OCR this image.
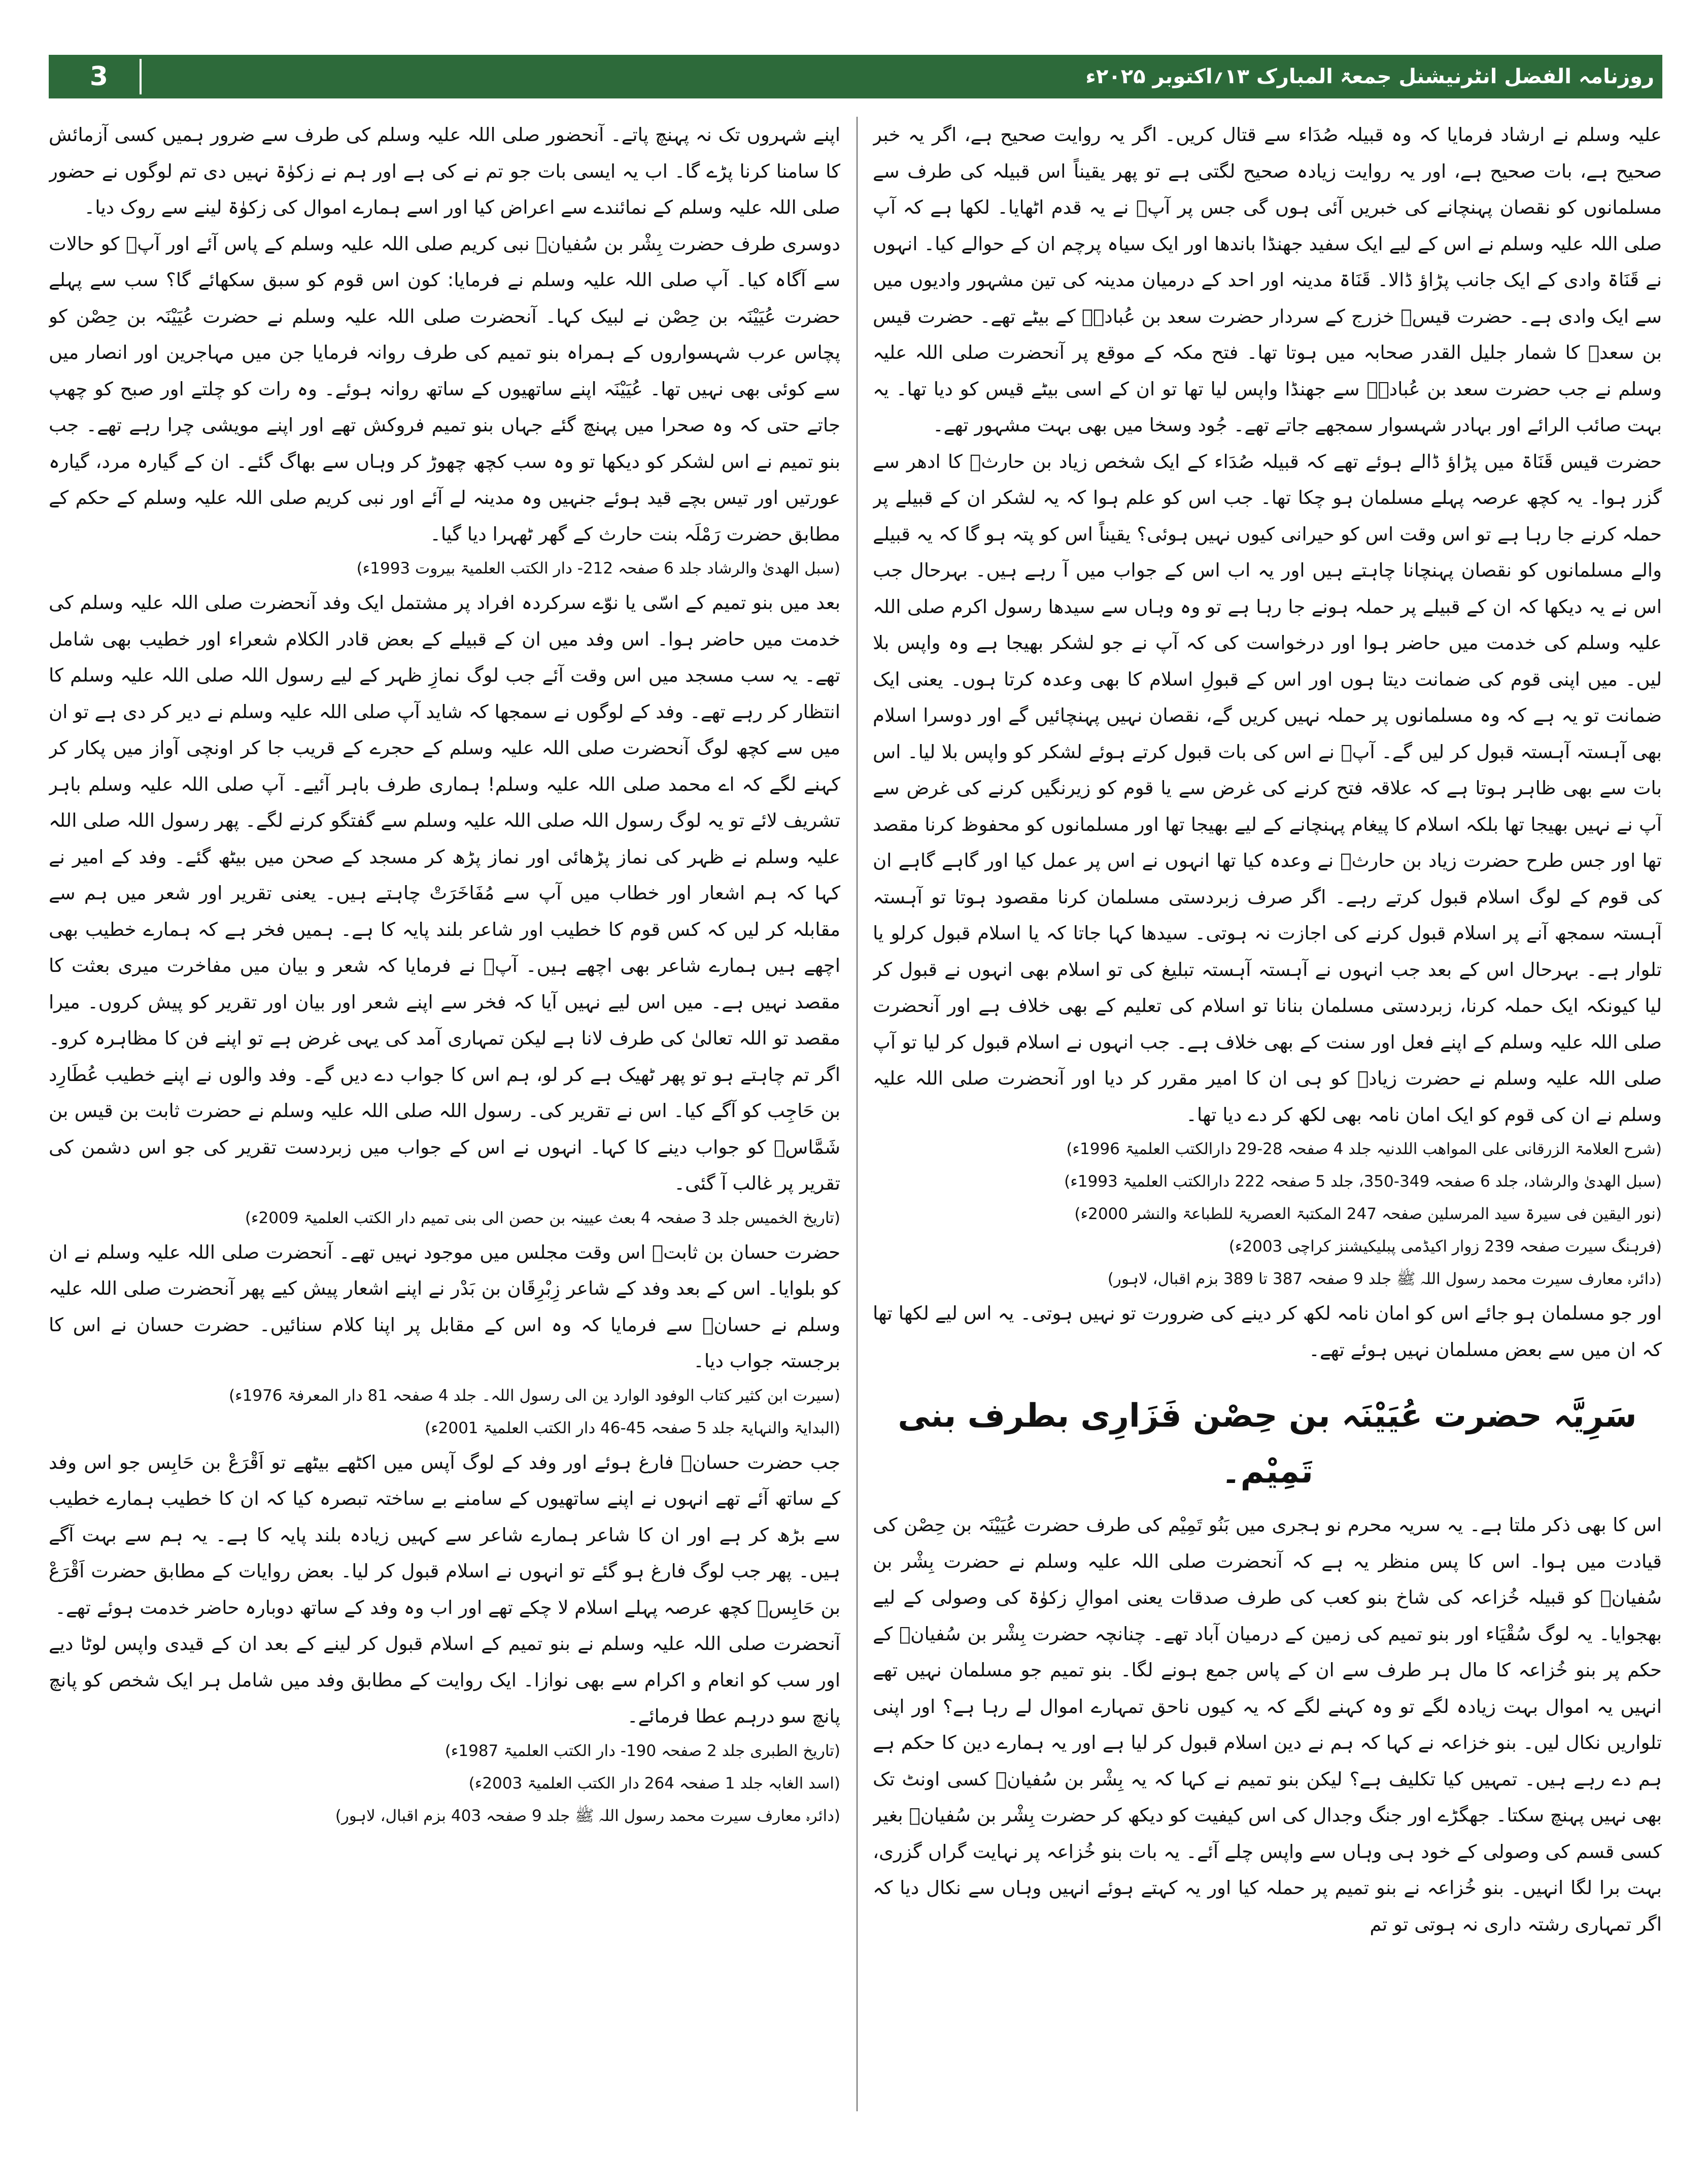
3	روزنامہ الفضل انٹرنیشنل جمعۃ المبارک ۱۳؍اکتوبر ۲۰۲۵ء

علیہ وسلم نے ارشاد فرمایا کہ وہ قبیلہ صُدَاء سے قتال کریں۔ اگر یہ روایت صحیح ہے، اگر یہ خبر صحیح ہے، بات صحیح ہے، اور یہ روایت زیادہ صحیح لگتی ہے تو پھر یقیناً اس قبیلہ کی طرف سے مسلمانوں کو نقصان پہنچانے کی خبریں آئی ہوں گی جس پر آپؐ نے یہ قدم اٹھایا۔ لکھا ہے کہ آپ صلی اللہ علیہ وسلم نے اس کے لیے ایک سفید جھنڈا باندھا اور ایک سیاہ پرچم ان کے حوالے کیا۔ انہوں نے قَنَاۃ وادی کے ایک جانب پڑاؤ ڈالا۔ قَنَاۃ مدینہ اور احد کے درمیان مدینہ کی تین مشہور وادیوں میں سے ایک وادی ہے۔ حضرت قیسؓ خزرج کے سردار حضرت سعد بن عُبادہؓ کے بیٹے تھے۔ حضرت قیس بن سعدؓ کا شمار جلیل القدر صحابہ میں ہوتا تھا۔ فتح مکہ کے موقع پر آنحضرت صلی اللہ علیہ وسلم نے جب حضرت سعد بن عُبادہؓ سے جھنڈا واپس لیا تھا تو ان کے اسی بیٹے قیس کو دیا تھا۔ یہ بہت صائب الرائے اور بہادر شہسوار سمجھے جاتے تھے۔ جُود وسخا میں بھی بہت مشہور تھے۔

حضرت قیس قَنَاۃ میں پڑاؤ ڈالے ہوئے تھے کہ قبیلہ صُدَاء کے ایک شخص زیاد بن حارثؓ کا ادھر سے گزر ہوا۔ یہ کچھ عرصہ پہلے مسلمان ہو چکا تھا۔ جب اس کو علم ہوا کہ یہ لشکر ان کے قبیلے پر حملہ کرنے جا رہا ہے تو اس وقت اس کو حیرانی کیوں نہیں ہوئی؟ یقیناً اس کو پتہ ہو گا کہ یہ قبیلے والے مسلمانوں کو نقصان پہنچانا چاہتے ہیں اور یہ اب اس کے جواب میں آ رہے ہیں۔ بہرحال جب اس نے یہ دیکھا کہ ان کے قبیلے پر حملہ ہونے جا رہا ہے تو وہ وہاں سے سیدھا رسول اکرم صلی اللہ علیہ وسلم کی خدمت میں حاضر ہوا اور درخواست کی کہ آپ نے جو لشکر بھیجا ہے وہ واپس بلا لیں۔ میں اپنی قوم کی ضمانت دیتا ہوں اور اس کے قبولِ اسلام کا بھی وعدہ کرتا ہوں۔ یعنی ایک ضمانت تو یہ ہے کہ وہ مسلمانوں پر حملہ نہیں کریں گے، نقصان نہیں پہنچائیں گے اور دوسرا اسلام بھی آہستہ آہستہ قبول کر لیں گے۔ آپؐ نے اس کی بات قبول کرتے ہوئے لشکر کو واپس بلا لیا۔ اس بات سے بھی ظاہر ہوتا ہے کہ علاقہ فتح کرنے کی غرض سے یا قوم کو زیرنگیں کرنے کی غرض سے آپ نے نہیں بھیجا تھا بلکہ اسلام کا پیغام پہنچانے کے لیے بھیجا تھا اور مسلمانوں کو محفوظ کرنا مقصد تھا اور جس طرح حضرت زیاد بن حارثؓ نے وعدہ کیا تھا انہوں نے اس پر عمل کیا اور گاہے گاہے ان کی قوم کے لوگ اسلام قبول کرتے رہے۔ اگر صرف زبردستی مسلمان کرنا مقصود ہوتا تو آہستہ آہستہ سمجھ آنے پر اسلام قبول کرنے کی اجازت نہ ہوتی۔ سیدھا کہا جاتا کہ یا اسلام قبول کرلو یا تلوار ہے۔ بہرحال اس کے بعد جب انہوں نے آہستہ آہستہ تبلیغ کی تو اسلام بھی انہوں نے قبول کر لیا کیونکہ ایک حملہ کرنا، زبردستی مسلمان بنانا تو اسلام کی تعلیم کے بھی خلاف ہے اور آنحضرت صلی اللہ علیہ وسلم کے اپنے فعل اور سنت کے بھی خلاف ہے۔ جب انہوں نے اسلام قبول کر لیا تو آپ صلی اللہ علیہ وسلم نے حضرت زیادؓ کو ہی ان کا امیر مقرر کر دیا اور آنحضرت صلی اللہ علیہ وسلم نے ان کی قوم کو ایک امان نامہ بھی لکھ کر دے دیا تھا۔

(شرح العلامۃ الزرقانی علی المواھب اللدنیہ جلد 4 صفحہ 28-29 دارالکتب العلمیۃ 1996ء)

(سبل الھدیٰ والرشاد، جلد 6 صفحہ 349-350، جلد 5 صفحہ 222 دارالکتب العلمیۃ 1993ء)

(نور الیقین فی سیرۃ سید المرسلین صفحہ 247 المکتبۃ العصریۃ للطباعۃ والنشر 2000ء)

(فرہنگ سیرت صفحہ 239 زوار اکیڈمی پبلیکیشنز کراچی 2003ء)

(دائرہ معارف سیرت محمد رسول اللہ ﷺ جلد 9 صفحہ 387 تا 389 بزم اقبال، لاہور)

اور جو مسلمان ہو جائے اس کو امان نامہ لکھ کر دینے کی ضرورت تو نہیں ہوتی۔ یہ اس لیے لکھا تھا کہ ان میں سے بعض مسلمان نہیں ہوئے تھے۔

سَرِیَّہ حضرت عُیَیْنَہ بن حِصْن فَزَارِی بطرف بنی تَمِیْم۔

اس کا بھی ذکر ملتا ہے۔ یہ سریہ محرم نو ہجری میں بَنُو تَمِیْم کی طرف حضرت عُیَیْنَہ بن حِصْن کی قیادت میں ہوا۔ اس کا پس منظر یہ ہے کہ آنحضرت صلی اللہ علیہ وسلم نے حضرت بِشْر بن سُفیانؓ کو قبیلہ خُزاعہ کی شاخ بنو کعب کی طرف صدقات یعنی اموالِ زکوٰۃ کی وصولی کے لیے بھجوایا۔ یہ لوگ سُقْیَاء اور بنو تمیم کی زمین کے درمیان آباد تھے۔ چنانچہ حضرت بِشْر بن سُفیانؓ کے حکم پر بنو خُزاعہ کا مال ہر طرف سے ان کے پاس جمع ہونے لگا۔ بنو تمیم جو مسلمان نہیں تھے انہیں یہ اموال بہت زیادہ لگے تو وہ کہنے لگے کہ یہ کیوں ناحق تمہارے اموال لے رہا ہے؟ اور اپنی تلواریں نکال لیں۔ بنو خزاعہ نے کہا کہ ہم نے دین اسلام قبول کر لیا ہے اور یہ ہمارے دین کا حکم ہے ہم دے رہے ہیں۔ تمہیں کیا تکلیف ہے؟ لیکن بنو تمیم نے کہا کہ یہ بِشْر بن سُفیانؓ کسی اونٹ تک بھی نہیں پہنچ سکتا۔ جھگڑے اور جنگ وجدال کی اس کیفیت کو دیکھ کر حضرت بِشْر بن سُفیانؓ بغیر کسی قسم کی وصولی کے خود ہی وہاں سے واپس چلے آئے۔ یہ بات بنو خُزاعہ پر نہایت گراں گزری، بہت برا لگا انہیں۔ بنو خُزاعہ نے بنو تمیم پر حملہ کیا اور یہ کہتے ہوئے انہیں وہاں سے نکال دیا کہ اگر تمہاری رشتہ داری نہ ہوتی تو تم

اپنے شہروں تک نہ پہنچ پاتے۔ آنحضور صلی اللہ علیہ وسلم کی طرف سے ضرور ہمیں کسی آزمائش کا سامنا کرنا پڑے گا۔ اب یہ ایسی بات جو تم نے کی ہے اور ہم نے زکوٰۃ نہیں دی تم لوگوں نے حضور صلی اللہ علیہ وسلم کے نمائندے سے اعراض کیا اور اسے ہمارے اموال کی زکوٰۃ لینے سے روک دیا۔

دوسری طرف حضرت بِشْر بن سُفیانؓ نبی کریم صلی اللہ علیہ وسلم کے پاس آئے اور آپؐ کو حالات سے آگاہ کیا۔ آپ صلی اللہ علیہ وسلم نے فرمایا: کون اس قوم کو سبق سکھائے گا؟ سب سے پہلے حضرت عُیَیْنَہ بن حِصْن نے لبیک کہا۔ آنحضرت صلی اللہ علیہ وسلم نے حضرت عُیَیْنَہ بن حِصْن کو پچاس عرب شہسواروں کے ہمراہ بنو تمیم کی طرف روانہ فرمایا جن میں مہاجرین اور انصار میں سے کوئی بھی نہیں تھا۔ عُیَیْنَہ اپنے ساتھیوں کے ساتھ روانہ ہوئے۔ وہ رات کو چلتے اور صبح کو چھپ جاتے حتی کہ وہ صحرا میں پہنچ گئے جہاں بنو تمیم فروکش تھے اور اپنے مویشی چرا رہے تھے۔ جب بنو تمیم نے اس لشکر کو دیکھا تو وہ سب کچھ چھوڑ کر وہاں سے بھاگ گئے۔ ان کے گیارہ مرد، گیارہ عورتیں اور تیس بچے قید ہوئے جنہیں وہ مدینہ لے آئے اور نبی کریم صلی اللہ علیہ وسلم کے حکم کے مطابق حضرت رَمْلَہ بنت حارث کے گھر ٹھہرا دیا گیا۔

(سبل الھدیٰ والرشاد جلد 6 صفحہ 212- دار الکتب العلمیۃ بیروت 1993ء)

بعد میں بنو تمیم کے اسّی یا نوّے سرکردہ افراد پر مشتمل ایک وفد آنحضرت صلی اللہ علیہ وسلم کی خدمت میں حاضر ہوا۔ اس وفد میں ان کے قبیلے کے بعض قادر الکلام شعراء اور خطیب بھی شامل تھے۔ یہ سب مسجد میں اس وقت آئے جب لوگ نمازِ ظہر کے لیے رسول اللہ صلی اللہ علیہ وسلم کا انتظار کر رہے تھے۔ وفد کے لوگوں نے سمجھا کہ شاید آپ صلی اللہ علیہ وسلم نے دیر کر دی ہے تو ان میں سے کچھ لوگ آنحضرت صلی اللہ علیہ وسلم کے حجرے کے قریب جا کر اونچی آواز میں پکار کر کہنے لگے کہ اے محمد صلی اللہ علیہ وسلم! ہماری طرف باہر آئیے۔ آپ صلی اللہ علیہ وسلم باہر تشریف لائے تو یہ لوگ رسول اللہ صلی اللہ علیہ وسلم سے گفتگو کرنے لگے۔ پھر رسول اللہ صلی اللہ علیہ وسلم نے ظہر کی نماز پڑھائی اور نماز پڑھ کر مسجد کے صحن میں بیٹھ گئے۔ وفد کے امیر نے کہا کہ ہم اشعار اور خطاب میں آپ سے مُفَاخَرَتْ چاہتے ہیں۔ یعنی تقریر اور شعر میں ہم سے مقابلہ کر لیں کہ کس قوم کا خطیب اور شاعر بلند پایہ کا ہے۔ ہمیں فخر ہے کہ ہمارے خطیب بھی اچھے ہیں ہمارے شاعر بھی اچھے ہیں۔ آپؐ نے فرمایا کہ شعر و بیان میں مفاخرت میری بعثت کا مقصد نہیں ہے۔ میں اس لیے نہیں آیا کہ فخر سے اپنے شعر اور بیان اور تقریر کو پیش کروں۔ میرا مقصد تو اللہ تعالیٰ کی طرف لانا ہے لیکن تمہاری آمد کی یہی غرض ہے تو اپنے فن کا مظاہرہ کرو۔ اگر تم چاہتے ہو تو پھر ٹھیک ہے کر لو، ہم اس کا جواب دے دیں گے۔ وفد والوں نے اپنے خطیب عُطَارِد بن حَاجِب کو آگے کیا۔ اس نے تقریر کی۔ رسول اللہ صلی اللہ علیہ وسلم نے حضرت ثابت بن قیس بن شَمَّاسؓ کو جواب دینے کا کہا۔ انہوں نے اس کے جواب میں زبردست تقریر کی جو اس دشمن کی تقریر پر غالب آ گئی۔

(تاریخ الخمیس جلد 3 صفحہ 4 بعث عیینہ بن حصن الی بنی تمیم دار الکتب العلمیۃ 2009ء)

حضرت حسان بن ثابتؓ اس وقت مجلس میں موجود نہیں تھے۔ آنحضرت صلی اللہ علیہ وسلم نے ان کو بلوایا۔ اس کے بعد وفد کے شاعر زِبْرِقَان بن بَدْر نے اپنے اشعار پیش کیے پھر آنحضرت صلی اللہ علیہ وسلم نے حسانؓ سے فرمایا کہ وہ اس کے مقابل پر اپنا کلام سنائیں۔ حضرت حسان نے اس کا برجستہ جواب دیا۔

(سیرت ابن کثیر کتاب الوفود الوارد ین الی رسول اللہ۔ جلد 4 صفحہ 81 دار المعرفۃ 1976ء)

(البدایۃ والنہایۃ جلد 5 صفحہ 45-46 دار الکتب العلمیۃ 2001ء)

جب حضرت حسانؓ فارغ ہوئے اور وفد کے لوگ آپس میں اکٹھے بیٹھے تو اَقْرَعْ بن حَابِس جو اس وفد کے ساتھ آئے تھے انہوں نے اپنے ساتھیوں کے سامنے بے ساختہ تبصرہ کیا کہ ان کا خطیب ہمارے خطیب سے بڑھ کر ہے اور ان کا شاعر ہمارے شاعر سے کہیں زیادہ بلند پایہ کا ہے۔ یہ ہم سے بہت آگے ہیں۔ پھر جب لوگ فارغ ہو گئے تو انہوں نے اسلام قبول کر لیا۔ بعض روایات کے مطابق حضرت اَقْرَعْ بن حَابِسؓ کچھ عرصہ پہلے اسلام لا چکے تھے اور اب وہ وفد کے ساتھ دوبارہ حاضر خدمت ہوئے تھے۔

آنحضرت صلی اللہ علیہ وسلم نے بنو تمیم کے اسلام قبول کر لینے کے بعد ان کے قیدی واپس لوٹا دیے اور سب کو انعام و اکرام سے بھی نوازا۔ ایک روایت کے مطابق وفد میں شامل ہر ایک شخص کو پانچ پانچ سو درہم عطا فرمائے۔

(تاریخ الطبری جلد 2 صفحہ 190- دار الکتب العلمیۃ 1987ء)

(اسد الغابہ جلد 1 صفحہ 264 دار الکتب العلمیۃ 2003ء)

(دائرہ معارف سیرت محمد رسول اللہ ﷺ جلد 9 صفحہ 403 بزم اقبال، لاہور)
